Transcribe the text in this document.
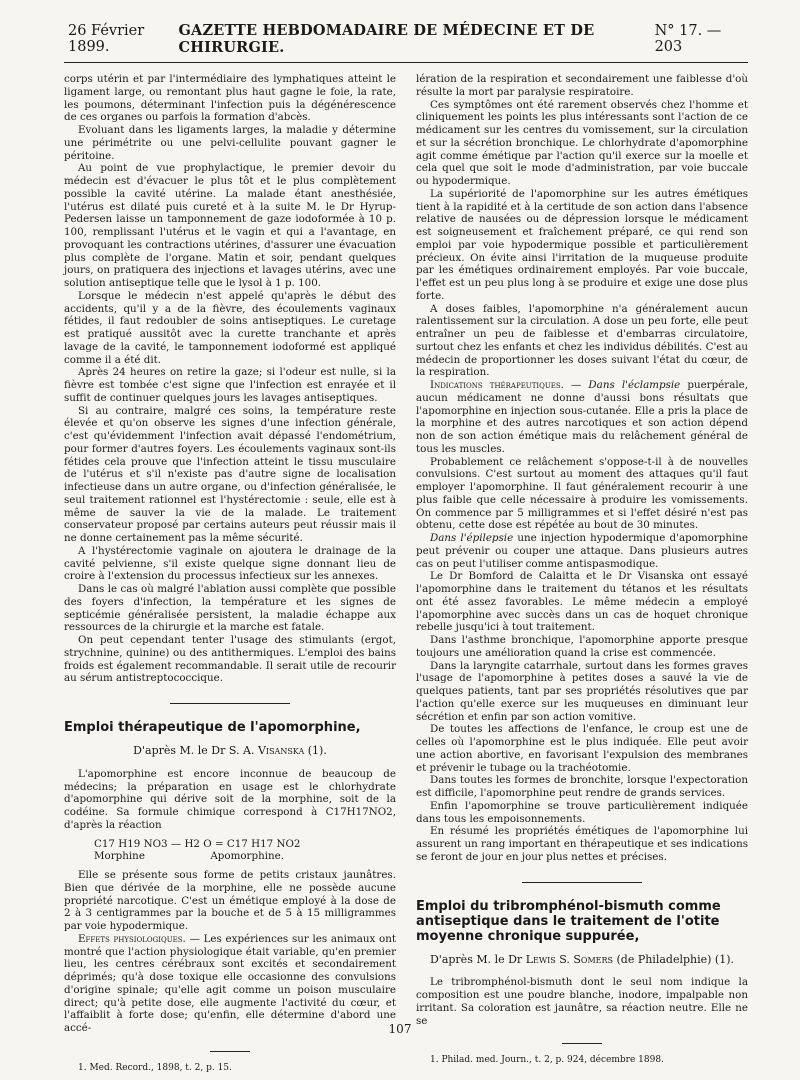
26 Février 1899.
GAZETTE HEBDOMADAIRE DE MÉDECINE ET DE CHIRURGIE.
N° 17. — 203

corps utérin et par l'intermédiaire des lymphatiques atteint le ligament large, ou remontant plus haut gagne le foie, la rate, les poumons, déterminant l'infection puis la dégénérescence de ces organes ou parfois la formation d'abcès.

Evoluant dans les ligaments larges, la maladie y détermine une périmétrite ou une pelvi-cellulite pouvant gagner le péritoine.

Au point de vue prophylactique, le premier devoir du médecin est d'évacuer le plus tôt et le plus complètement possible la cavité utérine. La malade étant anesthésiée, l'utérus est dilaté puis cureté et à la suite M. le Dr Hyrup-Pedersen laisse un tamponnement de gaze iodoformée à 10 p. 100, remplissant l'utérus et le vagin et qui a l'avantage, en provoquant les contractions utérines, d'assurer une évacuation plus complète de l'organe. Matin et soir, pendant quelques jours, on pratiquera des injections et lavages utérins, avec une solution antiseptique telle que le lysol à 1 p. 100.

Lorsque le médecin n'est appelé qu'après le début des accidents, qu'il y a de la fièvre, des écoulements vaginaux fétides, il faut redoubler de soins antiseptiques. Le curetage est pratiqué aussitôt avec la curette tranchante et après lavage de la cavité, le tamponnement iodoformé est appliqué comme il a été dit.

Après 24 heures on retire la gaze; si l'odeur est nulle, si la fièvre est tombée c'est signe que l'infection est enrayée et il suffit de continuer quelques jours les lavages antiseptiques.

Si au contraire, malgré ces soins, la température reste élevée et qu'on observe les signes d'une infection générale, c'est qu'évidemment l'infection avait dépassé l'endométrium, pour former d'autres foyers. Les écoulements vaginaux sont-ils fétides cela prouve que l'infection atteint le tissu musculaire de l'utérus et s'il n'existe pas d'autre signe de localisation infectieuse dans un autre organe, ou d'infection généralisée, le seul traitement rationnel est l'hystérectomie : seule, elle est à même de sauver la vie de la malade. Le traitement conservateur proposé par certains auteurs peut réussir mais il ne donne certainement pas la même sécurité.

A l'hystérectomie vaginale on ajoutera le drainage de la cavité pelvienne, s'il existe quelque signe donnant lieu de croire à l'extension du processus infectieux sur les annexes.

Dans le cas où malgré l'ablation aussi complète que possible des foyers d'infection, la température et les signes de septicémie généralisée persistent, la maladie échappe aux ressources de la chirurgie et la marche est fatale.

On peut cependant tenter l'usage des stimulants (ergot, strychnine, quinine) ou des antithermiques. L'emploi des bains froids est également recommandable. Il serait utile de recourir au sérum antistreptococcique.

Emploi thérapeutique de l'apomorphine,
D'après M. le Dr S. A. Visanska (1).

L'apomorphine est encore inconnue de beaucoup de médecins; la préparation en usage est le chlorhydrate d'apomorphine qui dérive soit de la morphine, soit de la codéine. Sa formule chimique correspond à C17H17NO2, d'après la réaction

C17 H19 NO3 — H2 O = C17 H17 NO2
Morphine                    Apomorphine.

Elle se présente sous forme de petits cristaux jaunâtres. Bien que dérivée de la morphine, elle ne possède aucune propriété narcotique. C'est un émétique employé à la dose de 2 à 3 centigrammes par la bouche et de 5 à 15 milligrammes par voie hypodermique.

Effets physiologiques. — Les expériences sur les animaux ont montré que l'action physiologique était variable, qu'en premier lieu, les centres cérébraux sont excités et secondairement déprimés; qu'à dose toxique elle occasionne des convulsions d'origine spinale; qu'elle agit comme un poison musculaire direct; qu'à petite dose, elle augmente l'activité du cœur, et l'affaiblit à forte dose; qu'enfin, elle détermine d'abord une accé-

1. Med. Record., 1898, t. 2, p. 15.

lération de la respiration et secondairement une faiblesse d'où résulte la mort par paralysie respiratoire.

Ces symptômes ont été rarement observés chez l'homme et cliniquement les points les plus intéressants sont l'action de ce médicament sur les centres du vomissement, sur la circulation et sur la sécrétion bronchique. Le chlorhydrate d'apomorphine agit comme émétique par l'action qu'il exerce sur la moelle et cela quel que soit le mode d'administration, par voie buccale ou hypodermique.

La supériorité de l'apomorphine sur les autres émétiques tient à la rapidité et à la certitude de son action dans l'absence relative de nausées ou de dépression lorsque le médicament est soigneusement et fraîchement préparé, ce qui rend son emploi par voie hypodermique possible et particulièrement précieux. On évite ainsi l'irritation de la muqueuse produite par les émétiques ordinairement employés. Par voie buccale, l'effet est un peu plus long à se produire et exige une dose plus forte.

A doses faibles, l'apomorphine n'a généralement aucun ralentissement sur la circulation. A dose un peu forte, elle peut entraîner un peu de faiblesse et d'embarras circulatoire, surtout chez les enfants et chez les individus débilités. C'est au médecin de proportionner les doses suivant l'état du cœur, de la respiration.

Indications thérapeutiques. — Dans l'éclampsie puerpérale, aucun médicament ne donne d'aussi bons résultats que l'apomorphine en injection sous-cutanée. Elle a pris la place de la morphine et des autres narcotiques et son action dépend non de son action émétique mais du relâchement général de tous les muscles.

Probablement ce relâchement s'oppose-t-il à de nouvelles convulsions. C'est surtout au moment des attaques qu'il faut employer l'apomorphine. Il faut généralement recourir à une plus faible que celle nécessaire à produire les vomissements. On commence par 5 milligrammes et si l'effet désiré n'est pas obtenu, cette dose est répétée au bout de 30 minutes.

Dans l'épilepsie une injection hypodermique d'apomorphine peut prévenir ou couper une attaque. Dans plusieurs autres cas on peut l'utiliser comme antispasmodique.

Le Dr Bomford de Calaitta et le Dr Visanska ont essayé l'apomorphine dans le traitement du tétanos et les résultats ont été assez favorables. Le même médecin a employé l'apomorphine avec succès dans un cas de hoquet chronique rebelle jusqu'ici à tout traitement.

Dans l'asthme bronchique, l'apomorphine apporte presque toujours une amélioration quand la crise est commencée.

Dans la laryngite catarrhale, surtout dans les formes graves l'usage de l'apomorphine à petites doses a sauvé la vie de quelques patients, tant par ses propriétés résolutives que par l'action qu'elle exerce sur les muqueuses en diminuant leur sécrétion et enfin par son action vomitive.

De toutes les affections de l'enfance, le croup est une de celles où l'apomorphine est le plus indiquée. Elle peut avoir une action abortive, en favorisant l'expulsion des membranes et prévenir le tubage ou la trachéotomie.

Dans toutes les formes de bronchite, lorsque l'expectoration est difficile, l'apomorphine peut rendre de grands services.

Enfin l'apomorphine se trouve particulièrement indiquée dans tous les empoisonnements.

En résumé les propriétés émétiques de l'apomorphine lui assurent un rang important en thérapeutique et ses indications se feront de jour en jour plus nettes et précises.

Emploi du tribromphénol-bismuth comme antiseptique dans le traitement de l'otite moyenne chronique suppurée,
D'après M. le Dr Lewis S. Somers (de Philadelphie) (1).

Le tribromphénol-bismuth dont le seul nom indique la composition est une poudre blanche, inodore, impalpable non irritant. Sa coloration est jaunâtre, sa réaction neutre. Elle ne se

1. Philad. med. Journ., t. 2, p. 924, décembre 1898.

107
